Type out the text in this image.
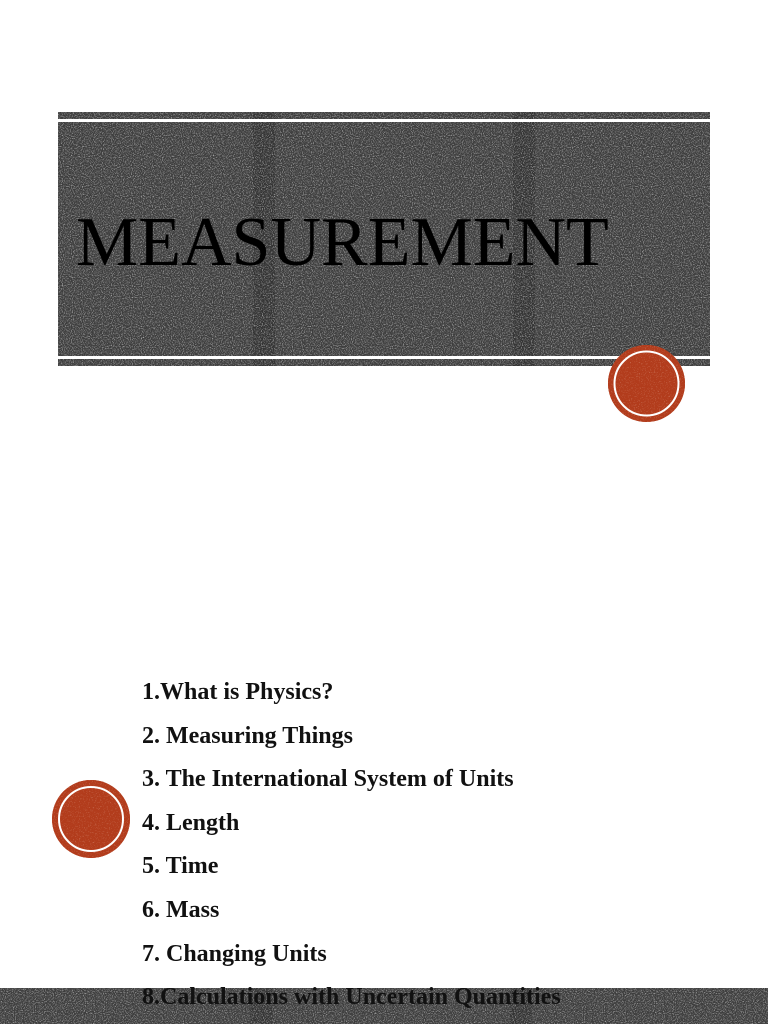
MEASUREMENT
1.What is Physics?
2. Measuring Things
3. The International System of Units
4. Length
5. Time
6. Mass
7. Changing Units
8.Calculations with Uncertain Quantities
